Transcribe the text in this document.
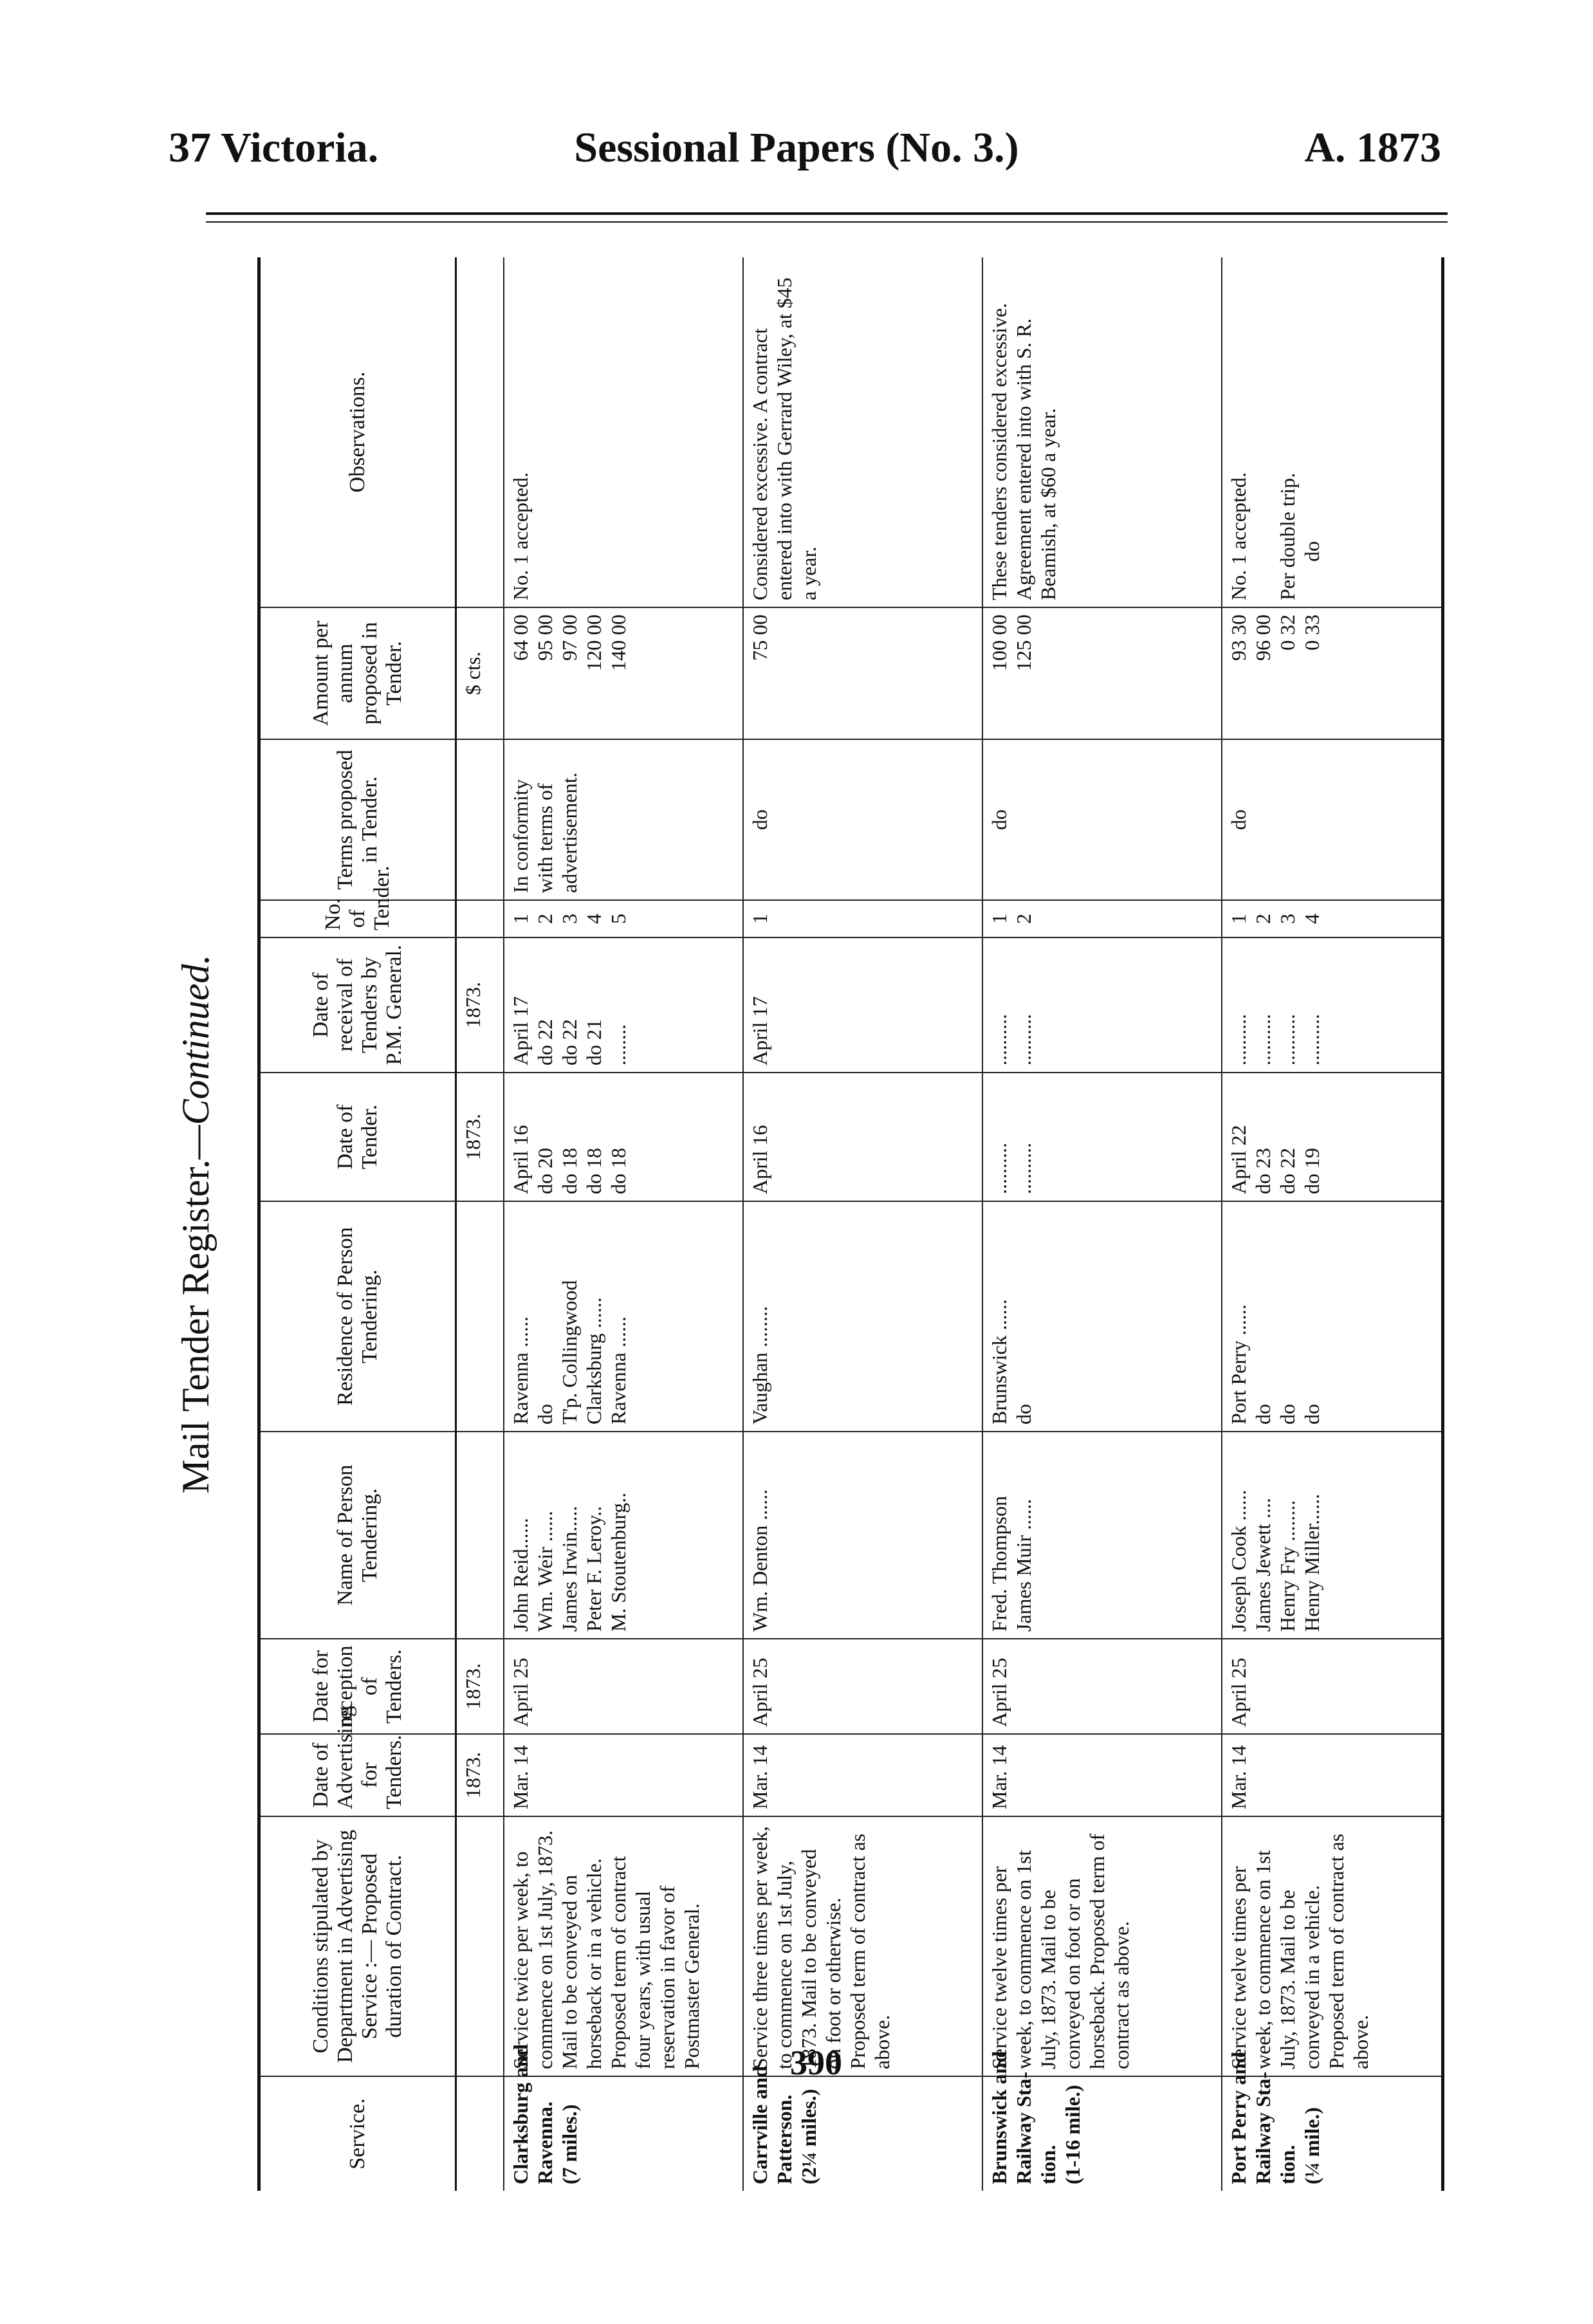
37 Victoria.	Sessional Papers (No. 3.)	A. 1873
Mail Tender Register.—Continued.
Service.	Conditions stipulated by Department in Advertising Service :— Proposed duration of Contract.	Date of Advertising for Tenders.	Date for reception of Tenders.	Name of Person Tendering.	Residence of Person Tendering.	Date of Tender.	Date of receival of Tenders by P.M. General.	No. of Tender.	Terms proposed in Tender.	Amount per annum proposed in Tender.	Observations.
		1873.	1873.			1873.	1873.			$ cts.	

Clarksburg and Ravenna. (7 miles.)	Service twice per week, to commence on 1st July, 1873. Mail to be conveyed on horseback or in a vehicle. Proposed term of contract four years, with usual reservation in favor of Postmaster General.	Mar. 14	April 25	John Reid...... Wm. Weir ...... James Irwin..... Peter F. Leroy.. M. Stoutenburg..	Ravenna ...... do T'p. Collingwood Clarksburg ...... Ravenna ......	April 16 do 20 do 18 do 18 do 18	April 17 do 22 do 22 do 21 ........	1 2 3 4 5	In conformity with terms of advertisement.	64 00 95 00 97 00 120 00 140 00	No. 1 accepted.

Carrville and Patterson. (2¼ miles.)	Service three times per week, to commence on 1st July, 1873. Mail to be conveyed on foot or otherwise. Proposed term of contract as above.	Mar. 14	April 25	Wm. Denton ......	Vaughan ........	April 16	April 17	1	do	75 00	Considered excessive. A contract entered into with Gerrard Wiley, at $45 a year.

Brunswick and Railway Sta- tion. (1-16 mile.)	Service twelve times per week, to commence on 1st July, 1873. Mail to be conveyed on foot or on horseback. Proposed term of contract as above.	Mar. 14	April 25	Fred. Thompson James Muir ......	Brunswick ...... do	.......... ..........	.......... ..........	1 2	do	100 00 125 00	These tenders considered excessive. Agreement entered into with S. R. Beamish, at $60 a year.

Port Perry and Railway Sta- tion. (¼ mile.)	Service twelve times per week, to commence on 1st July, 1873. Mail to be conveyed in a vehicle. Proposed term of contract as above.	Mar. 14	April 25	Joseph Cook ...... James Jewett .... Henry Fry ........ Henry Miller......	Port Perry ...... do do do	April 22 do 23 do 22 do 19	.......... .......... .......... ..........	1 2 3 4	do	93 30 96 00 0 32 0 33	No. 1 accepted.
Per double trip. do
390
